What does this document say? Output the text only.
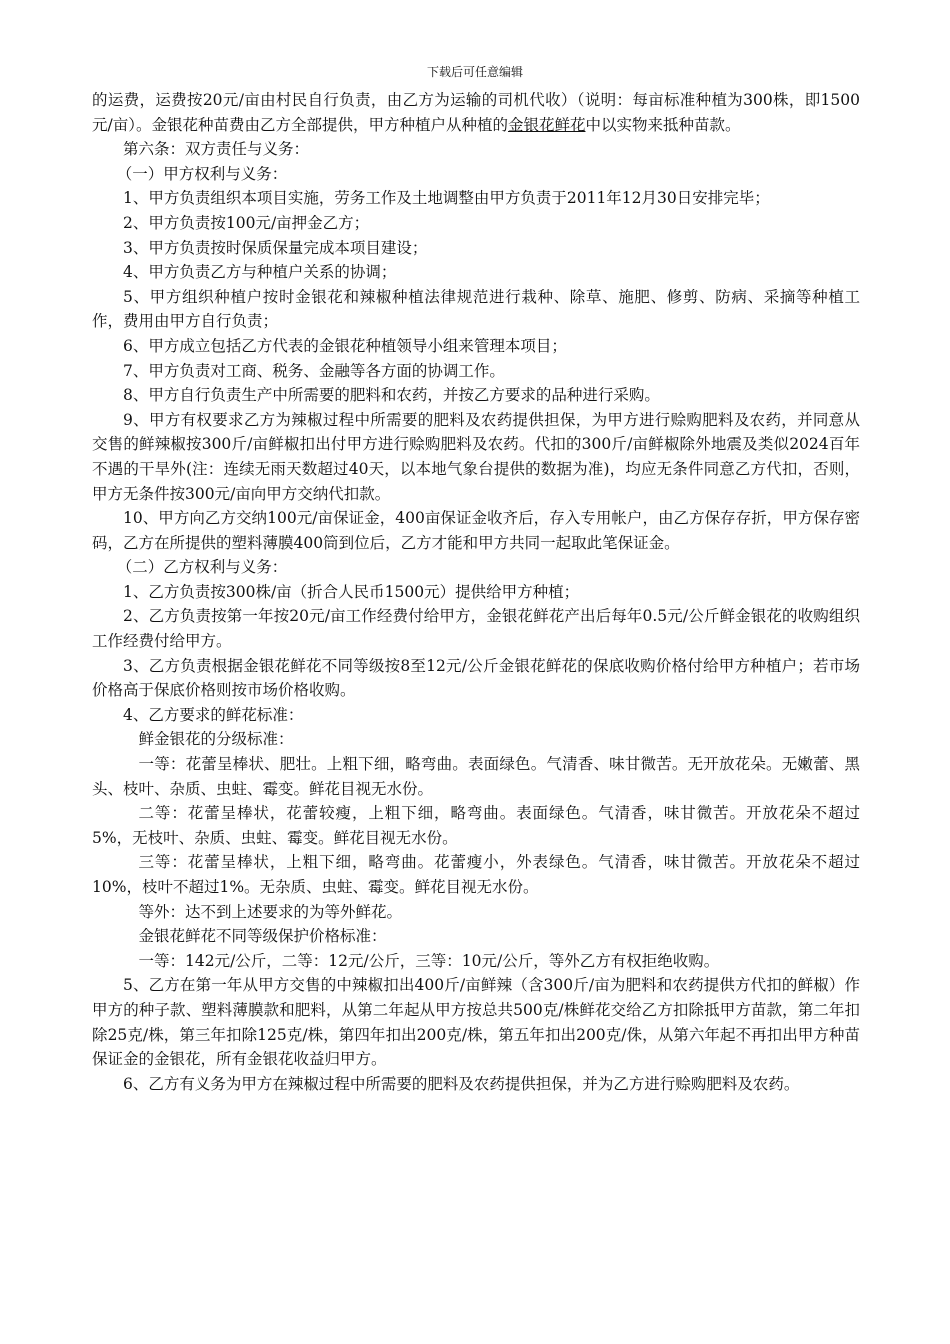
下载后可任意编辑

的运费，运费按20元/亩由村民自行负责，由乙方为运输的司机代收）（说明：每亩标准种植为300株，即1500元/亩）。金银花种苗费由乙方全部提供，甲方种植户从种植的金银花鲜花中以实物来抵种苗款。

第六条：双方责任与义务：

（一）甲方权利与义务：

1、甲方负责组织本项目实施，劳务工作及土地调整由甲方负责于2011年12月30日安排完毕；

2、甲方负责按100元/亩押金乙方；

3、甲方负责按时保质保量完成本项目建设；

4、甲方负责乙方与种植户关系的协调；

5、甲方组织种植户按时金银花和辣椒种植法律规范进行栽种、除草、施肥、修剪、防病、采摘等种植工作，费用由甲方自行负责；

6、甲方成立包括乙方代表的金银花种植领导小组来管理本项目；

7、甲方负责对工商、税务、金融等各方面的协调工作。

8、甲方自行负责生产中所需要的肥料和农药，并按乙方要求的品种进行采购。

9、甲方有权要求乙方为辣椒过程中所需要的肥料及农药提供担保，为甲方进行赊购肥料及农药，并同意从交售的鲜辣椒按300斤/亩鲜椒扣出付甲方进行赊购肥料及农药。代扣的300斤/亩鲜椒除外地震及类似2024百年不遇的干旱外(注：连续无雨天数超过40天，以本地气象台提供的数据为准)，均应无条件同意乙方代扣，否则，甲方无条件按300元/亩向甲方交纳代扣款。

10、甲方向乙方交纳100元/亩保证金，400亩保证金收齐后，存入专用帐户，由乙方保存存折，甲方保存密码，乙方在所提供的塑料薄膜400筒到位后，乙方才能和甲方共同一起取此笔保证金。

（二）乙方权利与义务：

1、乙方负责按300株/亩（折合人民币1500元）提供给甲方种植；

2、乙方负责按第一年按20元/亩工作经费付给甲方，金银花鲜花产出后每年0.5元/公斤鲜金银花的收购组织工作经费付给甲方。

3、乙方负责根据金银花鲜花不同等级按8至12元/公斤金银花鲜花的保底收购价格付给甲方种植户；若市场价格高于保底价格则按市场价格收购。

4、乙方要求的鲜花标准：

鲜金银花的分级标准：

一等：花蕾呈棒状、肥壮。上粗下细，略弯曲。表面绿色。气清香、味甘微苦。无开放花朵。无嫩蕾、黑头、枝叶、杂质、虫蛀、霉变。鲜花目视无水份。

二等：花蕾呈棒状，花蕾较瘦，上粗下细，略弯曲。表面绿色。气清香，味甘微苦。开放花朵不超过5%，无枝叶、杂质、虫蛀、霉变。鲜花目视无水份。

三等：花蕾呈棒状，上粗下细，略弯曲。花蕾瘦小，外表绿色。气清香，味甘微苦。开放花朵不超过10%，枝叶不超过1%。无杂质、虫蛀、霉变。鲜花目视无水份。

等外：达不到上述要求的为等外鲜花。

金银花鲜花不同等级保护价格标准：

一等：142元/公斤，二等：12元/公斤，三等：10元/公斤，等外乙方有权拒绝收购。

5、乙方在第一年从甲方交售的中辣椒扣出400斤/亩鲜辣（含300斤/亩为肥料和农药提供方代扣的鲜椒）作甲方的种子款、塑料薄膜款和肥料，从第二年起从甲方按总共500克/株鲜花交给乙方扣除抵甲方苗款，第二年扣除25克/株，第三年扣除125克/株，第四年扣出200克/株，第五年扣出200克/侏，从第六年起不再扣出甲方种苗保证金的金银花，所有金银花收益归甲方。

6、乙方有义务为甲方在辣椒过程中所需要的肥料及农药提供担保，并为乙方进行赊购肥料及农药。
